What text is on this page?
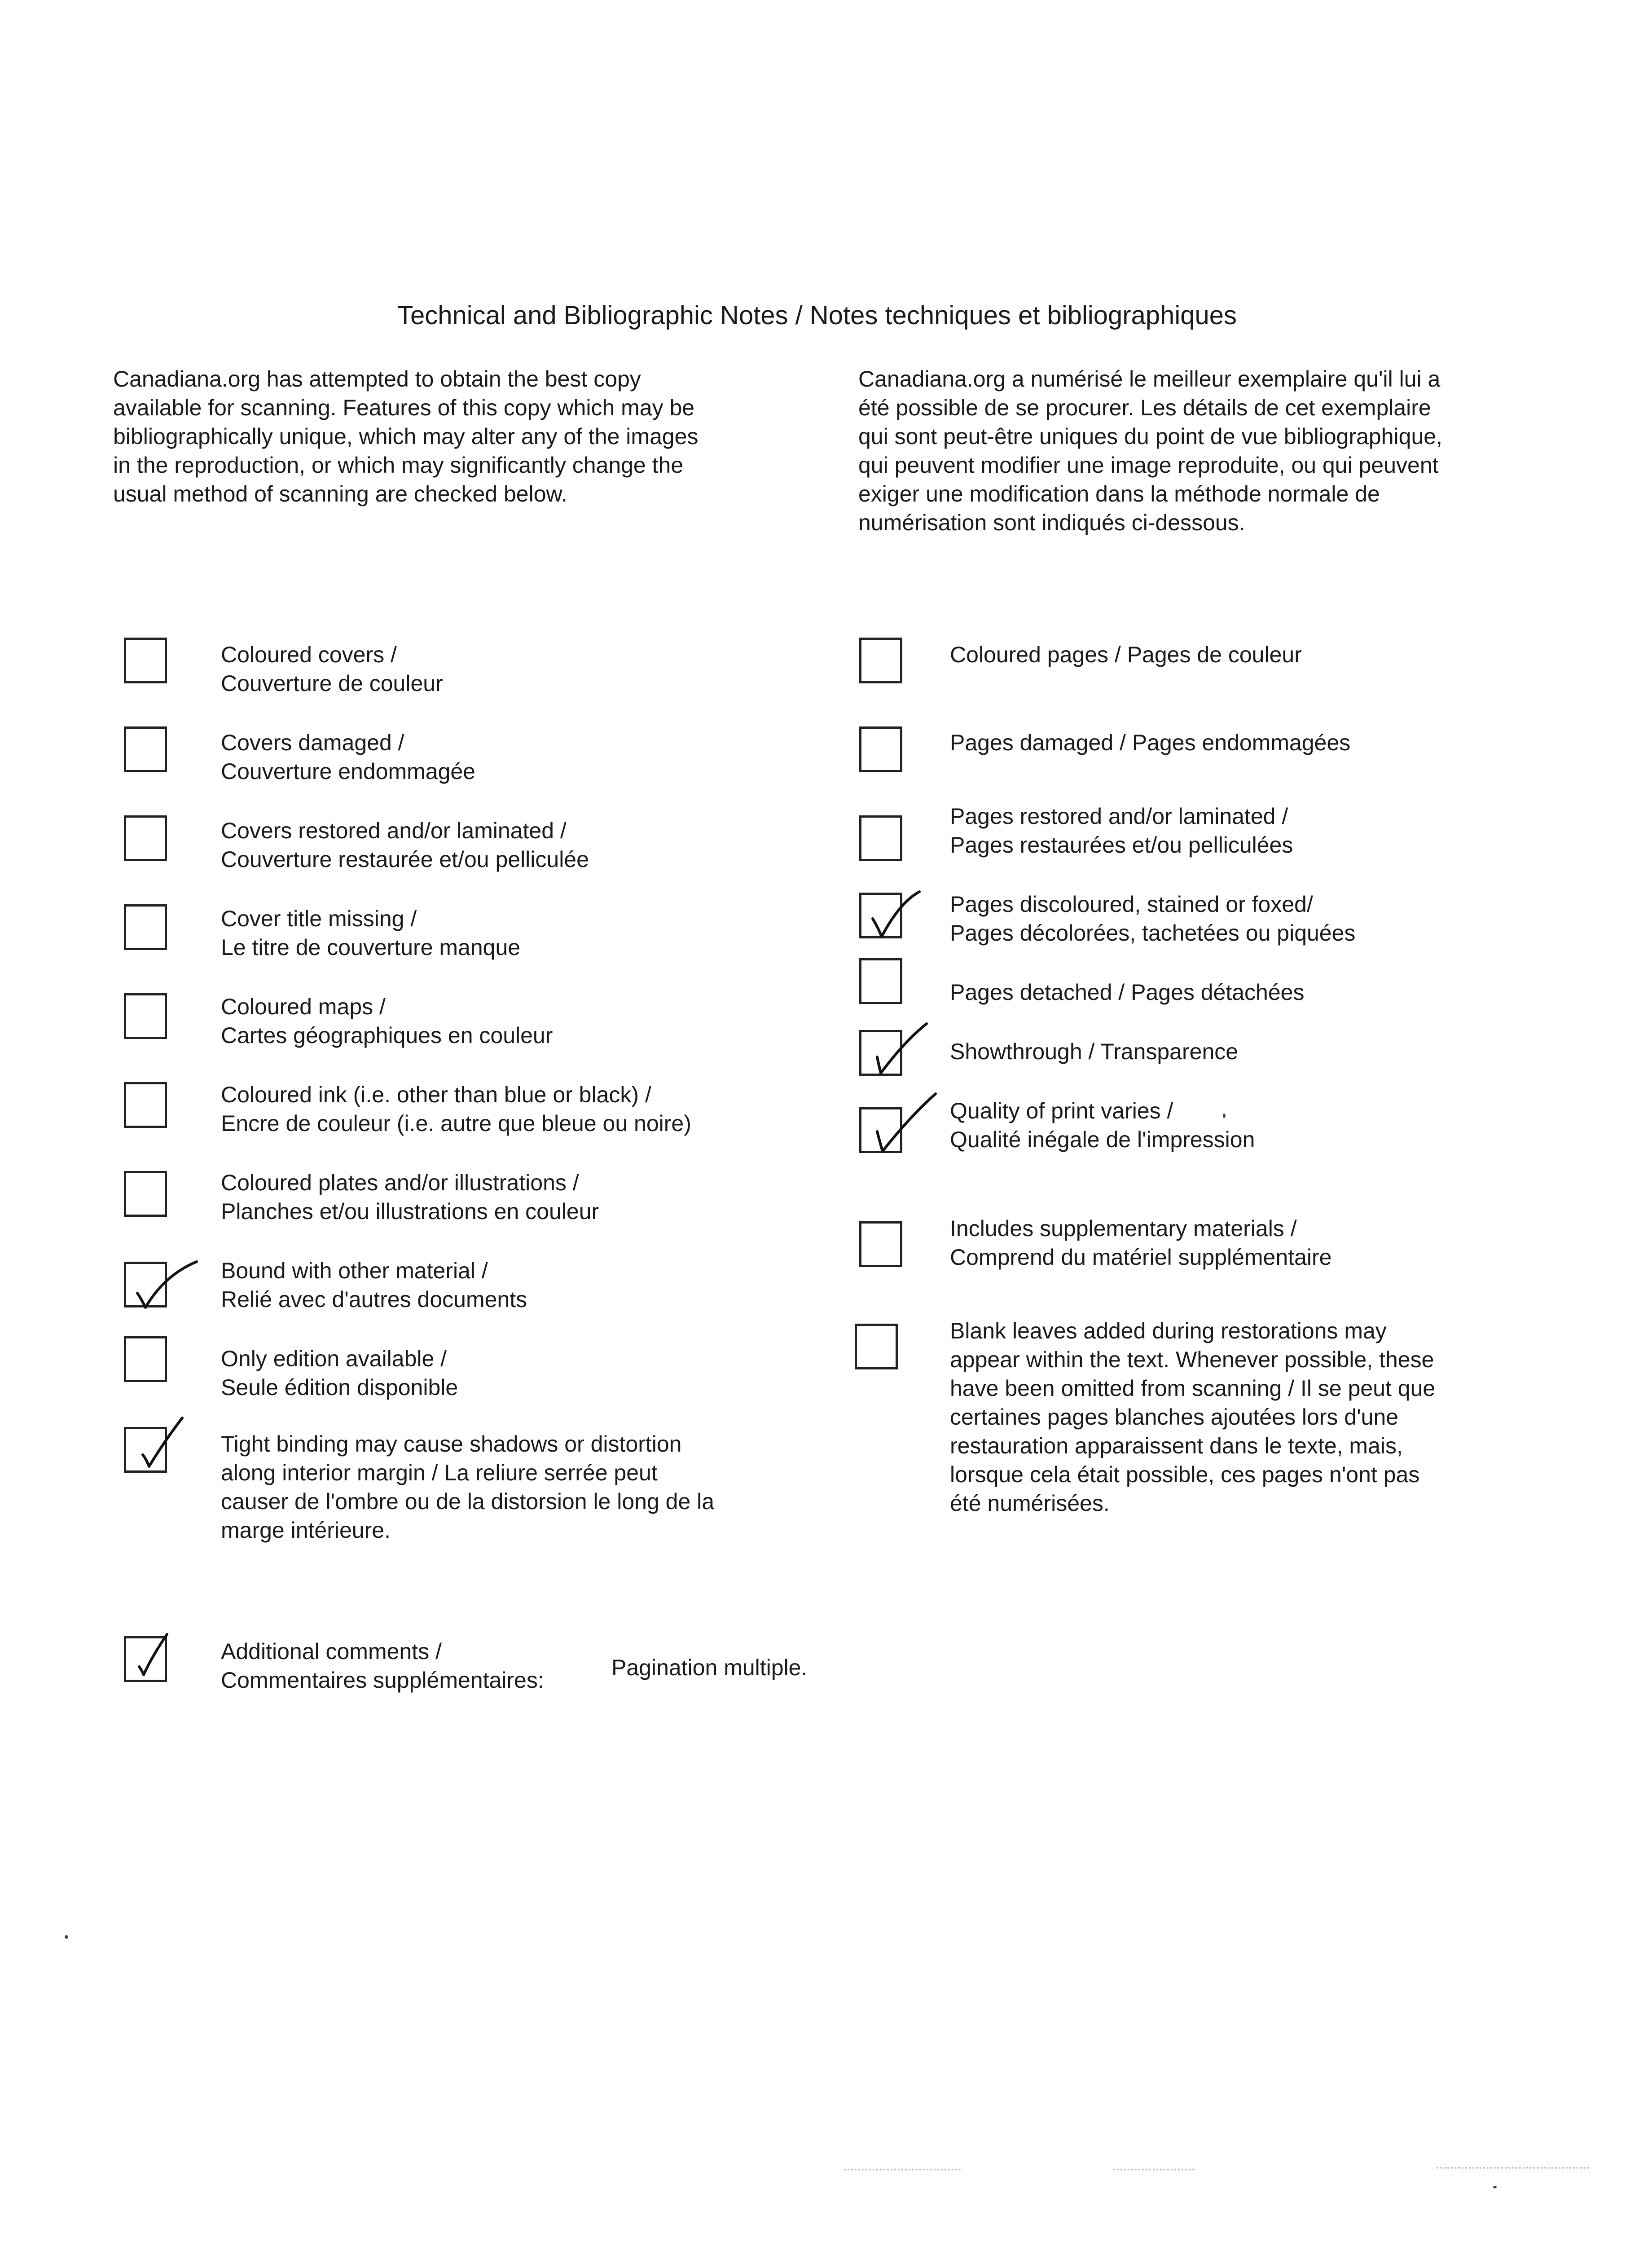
Technical and Bibliographic Notes / Notes techniques et bibliographiques
Canadiana.org has attempted to obtain the best copy
available for scanning. Features of this copy which may be
bibliographically unique, which may alter any of the images
in the reproduction, or which may significantly change the
usual method of scanning are checked below.
Canadiana.org a numérisé le meilleur exemplaire qu'il lui a
été possible de se procurer. Les détails de cet exemplaire
qui sont peut-être uniques du point de vue bibliographique,
qui peuvent modifier une image reproduite, ou qui peuvent
exiger une modification dans la méthode normale de
numérisation sont indiqués ci-dessous.
Coloured covers /
Couverture de couleur
Covers damaged /
Couverture endommagée
Covers restored and/or laminated /
Couverture restaurée et/ou pelliculée
Cover title missing /
Le titre de couverture manque
Coloured maps /
Cartes géographiques en couleur
Coloured ink (i.e. other than blue or black) /
Encre de couleur (i.e. autre que bleue ou noire)
Coloured plates and/or illustrations /
Planches et/ou illustrations en couleur
Bound with other material /
Relié avec d'autres documents
Only edition available /
Seule édition disponible
Tight binding may cause shadows or distortion
along interior margin / La reliure serrée peut
causer de l'ombre ou de la distorsion le long de la
marge intérieure.
Coloured pages / Pages de couleur
Pages damaged / Pages endommagées
Pages restored and/or laminated /
Pages restaurées et/ou pelliculées
Pages discoloured, stained or foxed/
Pages décolorées, tachetées ou piquées
Pages detached / Pages détachées
Showthrough / Transparence
Quality of print varies /
Qualité inégale de l'impression
Includes supplementary materials /
Comprend du matériel supplémentaire
Blank leaves added during restorations may
appear within the text. Whenever possible, these
have been omitted from scanning / Il se peut que
certaines pages blanches ajoutées lors d'une
restauration apparaissent dans le texte, mais,
lorsque cela était possible, ces pages n'ont pas
été numérisées.
Additional comments /
Commentaires supplémentaires:	Pagination multiple.
